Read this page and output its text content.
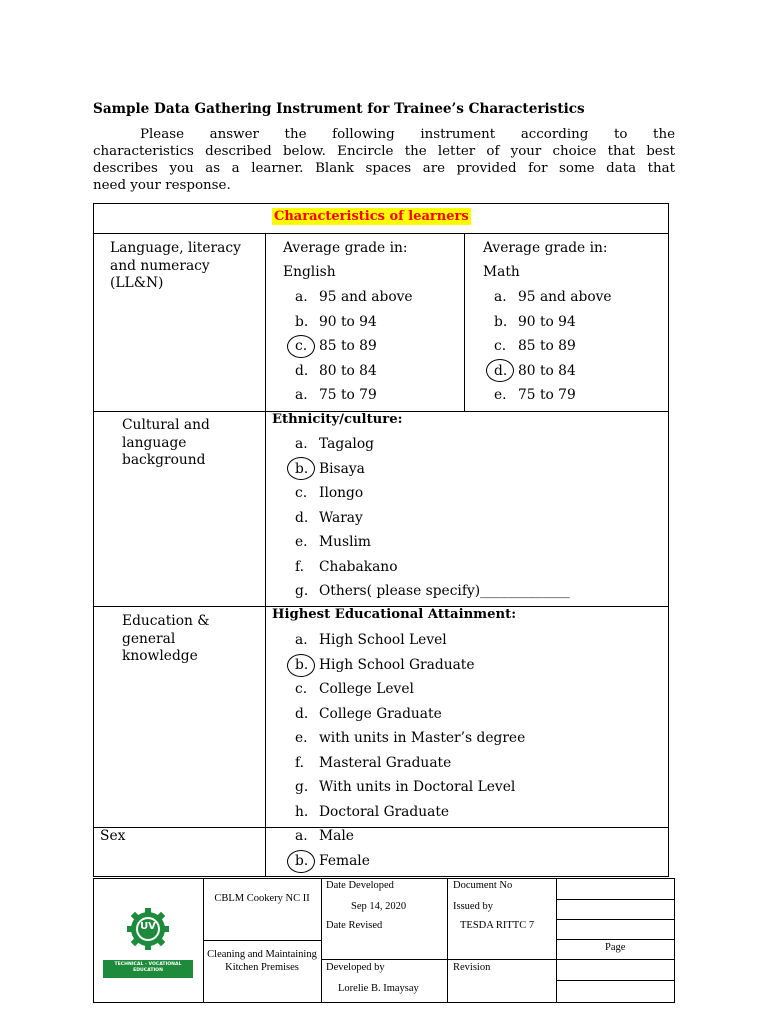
Sample Data Gathering Instrument for Trainee’s Characteristics
Please answer the following instrument according to the
characteristics described below. Encircle the letter of your choice that best
describes you as a learner. Blank spaces are provided for some data that
need your response.
Characteristics of learners
Language, literacy
and numeracy
(LL&N)
Average grade in:
English
a. 95 and above
b. 90 to 94
c. 85 to 89
d. 80 to 84
a. 75 to 79
Average grade in:
Math
a. 95 and above
b. 90 to 94
c. 85 to 89
d. 80 to 84
e. 75 to 79
Cultural and
language
background
Ethnicity/culture:
a. Tagalog
b. Bisaya
c. Ilongo
d. Waray
e. Muslim
f. Chabakano
g. Others( please specify)_____________
Education &
general
knowledge
Highest Educational Attainment:
a. High School Level
b. High School Graduate
c. College Level
d. College Graduate
e. with units in Master’s degree
f. Masteral Graduate
g. With units in Doctoral Level
h. Doctoral Graduate
Sex	a. Male
b. Female
UV
TECHNICAL - VOCATIONAL EDUCATION
CBLM Cookery NC II
Cleaning and Maintaining Kitchen Premises
Date Developed
Sep 14, 2020
Date Revised
Developed by
Lorelie B. Imaysay
Document No
Issued by
TESDA RITTC 7
Page
Revision
